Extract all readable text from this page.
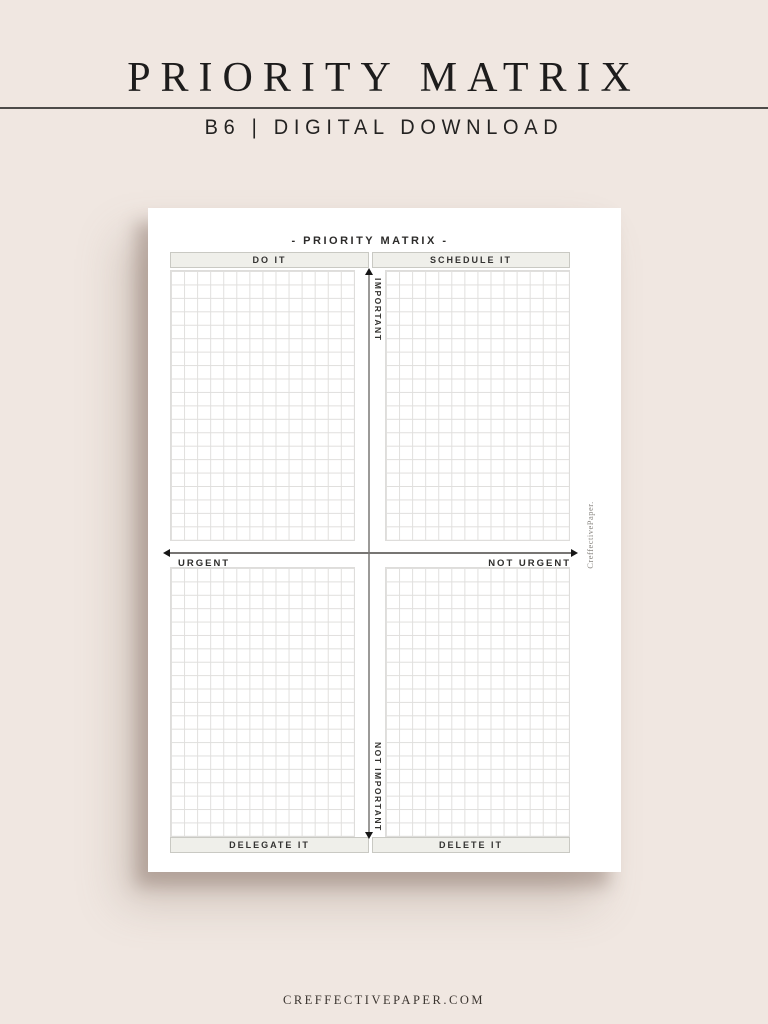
PRIORITY MATRIX
B6 | DIGITAL DOWNLOAD
- PRIORITY MATRIX -
DO IT	SCHEDULE IT
DELEGATE IT	DELETE IT
IMPORTANT
NOT IMPORTANT
URGENT	NOT URGENT CreffectivePaper.
CREFFECTIVEPAPER.COM
